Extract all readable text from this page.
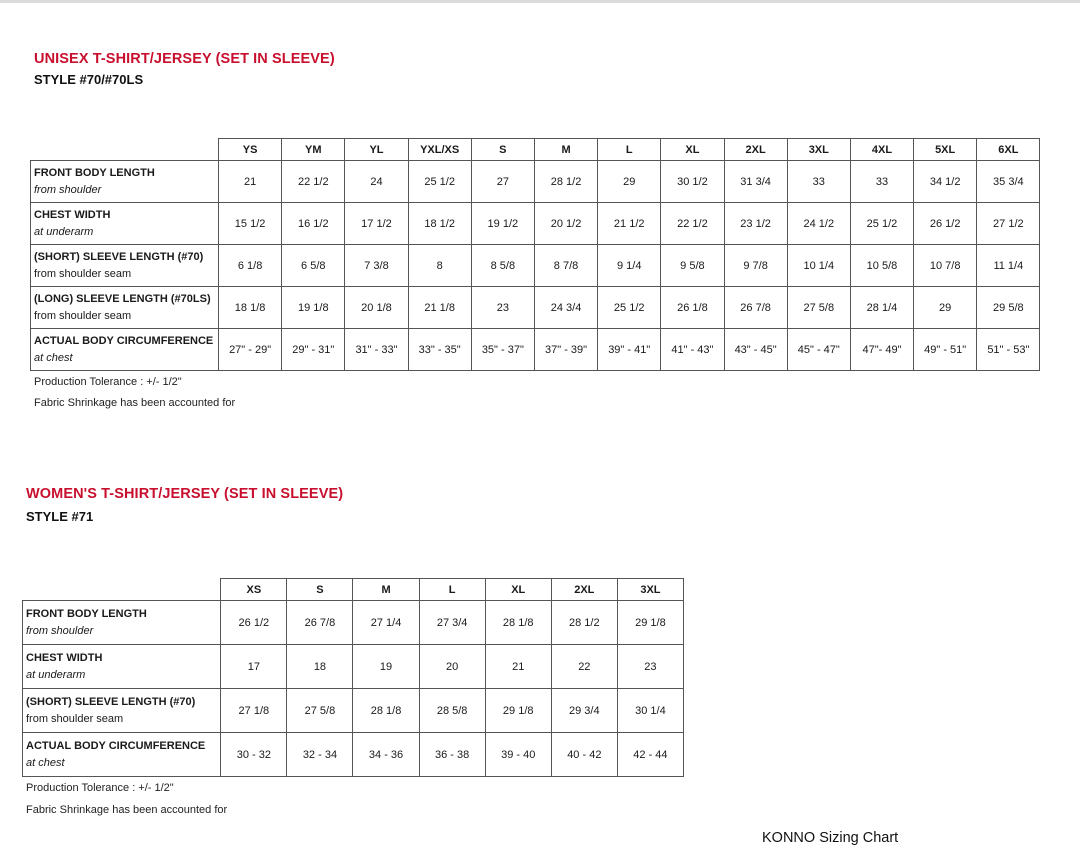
UNISEX T-SHIRT/JERSEY (SET IN SLEEVE)
STYLE #70/#70LS
	YS	YM	YL	YXL/XS	S	M	L	XL	2XL	3XL	4XL	5XL	6XL

FRONT BODY LENGTH
from shoulder	21	22 1/2	24	25 1/2	27	28 1/2	29	30 1/2	31 3/4	33	33	34 1/2	35 3/4

CHEST WIDTH
at underarm	15 1/2	16 1/2	17 1/2	18 1/2	19 1/2	20 1/2	21 1/2	22 1/2	23 1/2	24 1/2	25 1/2	26 1/2	27 1/2

(SHORT) SLEEVE LENGTH (#70)
from shoulder seam	6 1/8	6 5/8	7 3/8	8	8 5/8	8 7/8	9 1/4	9 5/8	9 7/8	10 1/4	10 5/8	10 7/8	11 1/4

(LONG) SLEEVE LENGTH (#70LS)
from shoulder seam	18 1/8	19 1/8	20 1/8	21 1/8	23	24 3/4	25 1/2	26 1/8	26 7/8	27 5/8	28 1/4	29	29 5/8

ACTUAL BODY CIRCUMFERENCE
at chest	27" - 29"	29" - 31"	31" - 33"	33" - 35"	35" - 37"	37" - 39"	39" - 41"	41" - 43"	43" - 45"	45" - 47"	47"- 49"	49" - 51"	51" - 53"
Production Tolerance : +/- 1/2"
Fabric Shrinkage has been accounted for
WOMEN'S T-SHIRT/JERSEY (SET IN SLEEVE)
STYLE #71
	XS	S	M	L	XL	2XL	3XL

FRONT BODY LENGTH
from shoulder	26 1/2	26 7/8	27 1/4	27 3/4	28 1/8	28 1/2	29 1/8

CHEST WIDTH
at underarm	17	18	19	20	21	22	23

(SHORT) SLEEVE LENGTH (#70)
from shoulder seam	27 1/8	27 5/8	28 1/8	28 5/8	29 1/8	29 3/4	30 1/4

ACTUAL BODY CIRCUMFERENCE
at chest	30 - 32	32 - 34	34 - 36	36 - 38	39 - 40	40 - 42	42 - 44
Production Tolerance : +/- 1/2"
Fabric Shrinkage has been accounted for
KONNO Sizing Chart
